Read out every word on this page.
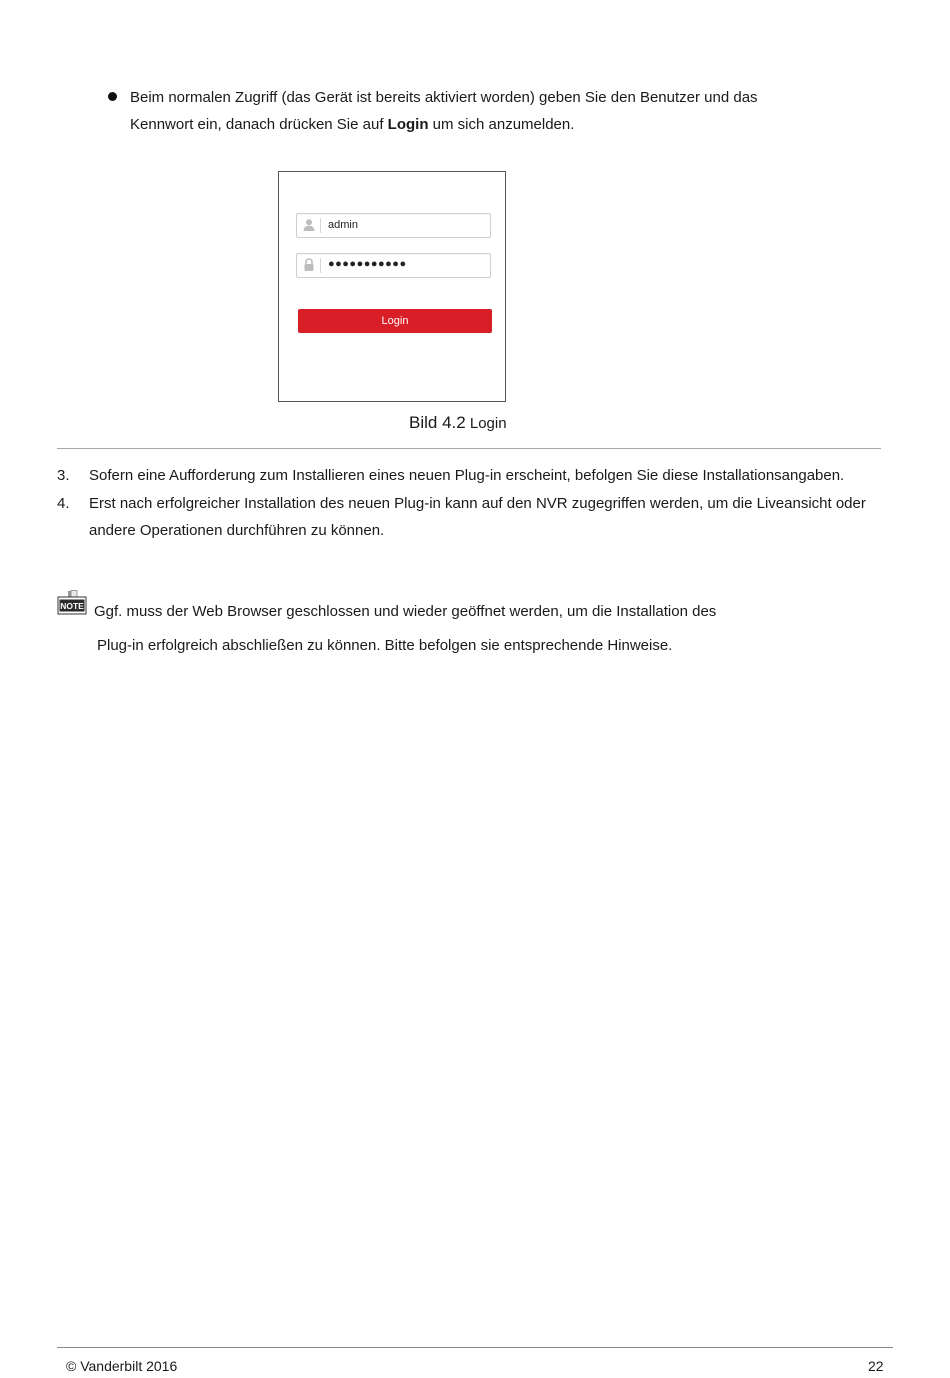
Beim normalen Zugriff (das Gerät ist bereits aktiviert worden) geben Sie den Benutzer und das
Kennwort ein, danach drücken Sie auf Login um sich anzumelden.
admin
●●●●●●●●●●●
Login
Bild 4.2 Login
3.	Sofern eine Aufforderung zum Installieren eines neuen Plug-in erscheint, befolgen Sie diese Installationsangaben.
4.	Erst nach erfolgreicher Installation des neuen Plug-in kann auf den NVR zugegriffen werden, um die Liveansicht oder
andere Operationen durchführen zu können.
NOTE Ggf. muss der Web Browser geschlossen und wieder geöffnet werden, um die Installation des
Plug-in erfolgreich abschließen zu können. Bitte befolgen sie entsprechende Hinweise.
© Vanderbilt 2016	22
